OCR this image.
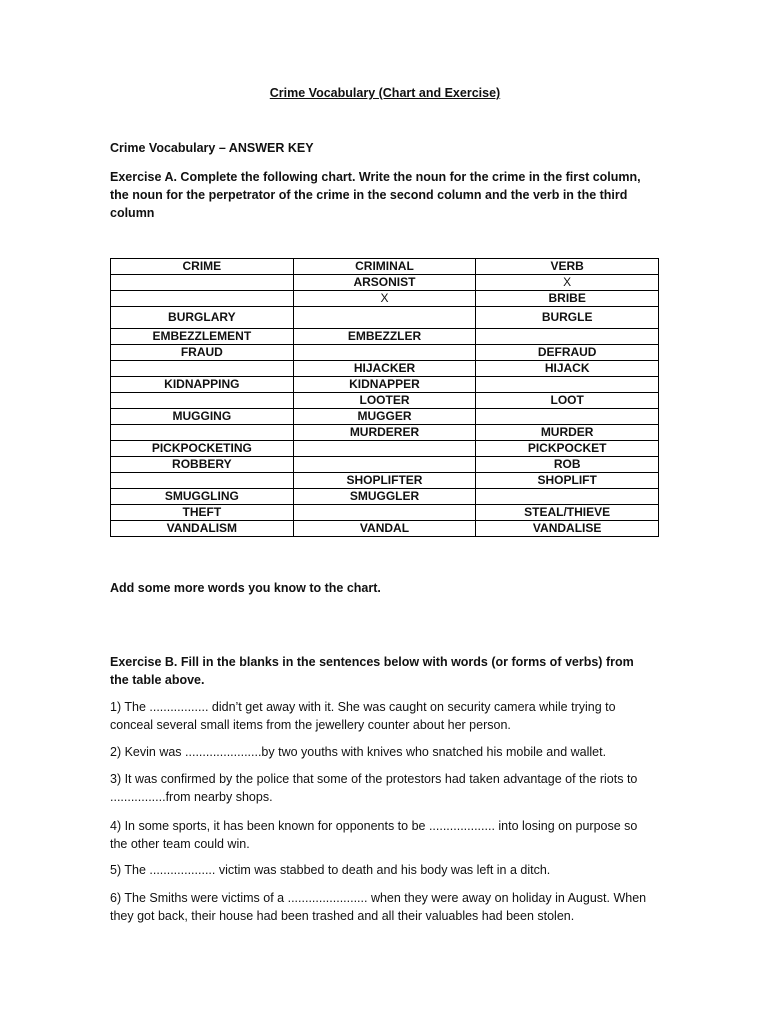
Crime Vocabulary (Chart and Exercise)
Crime Vocabulary – ANSWER KEY
Exercise A. Complete the following chart. Write the noun for the crime in the first column, the noun for the perpetrator of the crime in the second column and the verb in the third column
CRIME	CRIMINAL	VERB
	ARSONIST	X
	X	BRIBE
BURGLARY		BURGLE
EMBEZZLEMENT	EMBEZZLER	
FRAUD		DEFRAUD
	HIJACKER	HIJACK
KIDNAPPING	KIDNAPPER	
	LOOTER	LOOT
MUGGING	MUGGER	
	MURDERER	MURDER
PICKPOCKETING		PICKPOCKET
ROBBERY		ROB
	SHOPLIFTER	SHOPLIFT
SMUGGLING	SMUGGLER	
THEFT		STEAL/THIEVE
VANDALISM	VANDAL	VANDALISE
Add some more words you know to the chart.
Exercise B. Fill in the blanks in the sentences below with words (or forms of verbs) from the table above.
1) The ................. didn’t get away with it. She was caught on security camera while trying to conceal several small items from the jewellery counter about her person.
2) Kevin was ......................by two youths with knives who snatched his mobile and wallet.
3) It was confirmed by the police that some of the protestors had taken advantage of the riots to ................from nearby shops.
4) In some sports, it has been known for opponents to be ................... into losing on purpose so the other team could win.
5) The ................... victim was stabbed to death and his body was left in a ditch.
6) The Smiths were victims of a ....................... when they were away on holiday in August. When they got back, their house had been trashed and all their valuables had been stolen.
